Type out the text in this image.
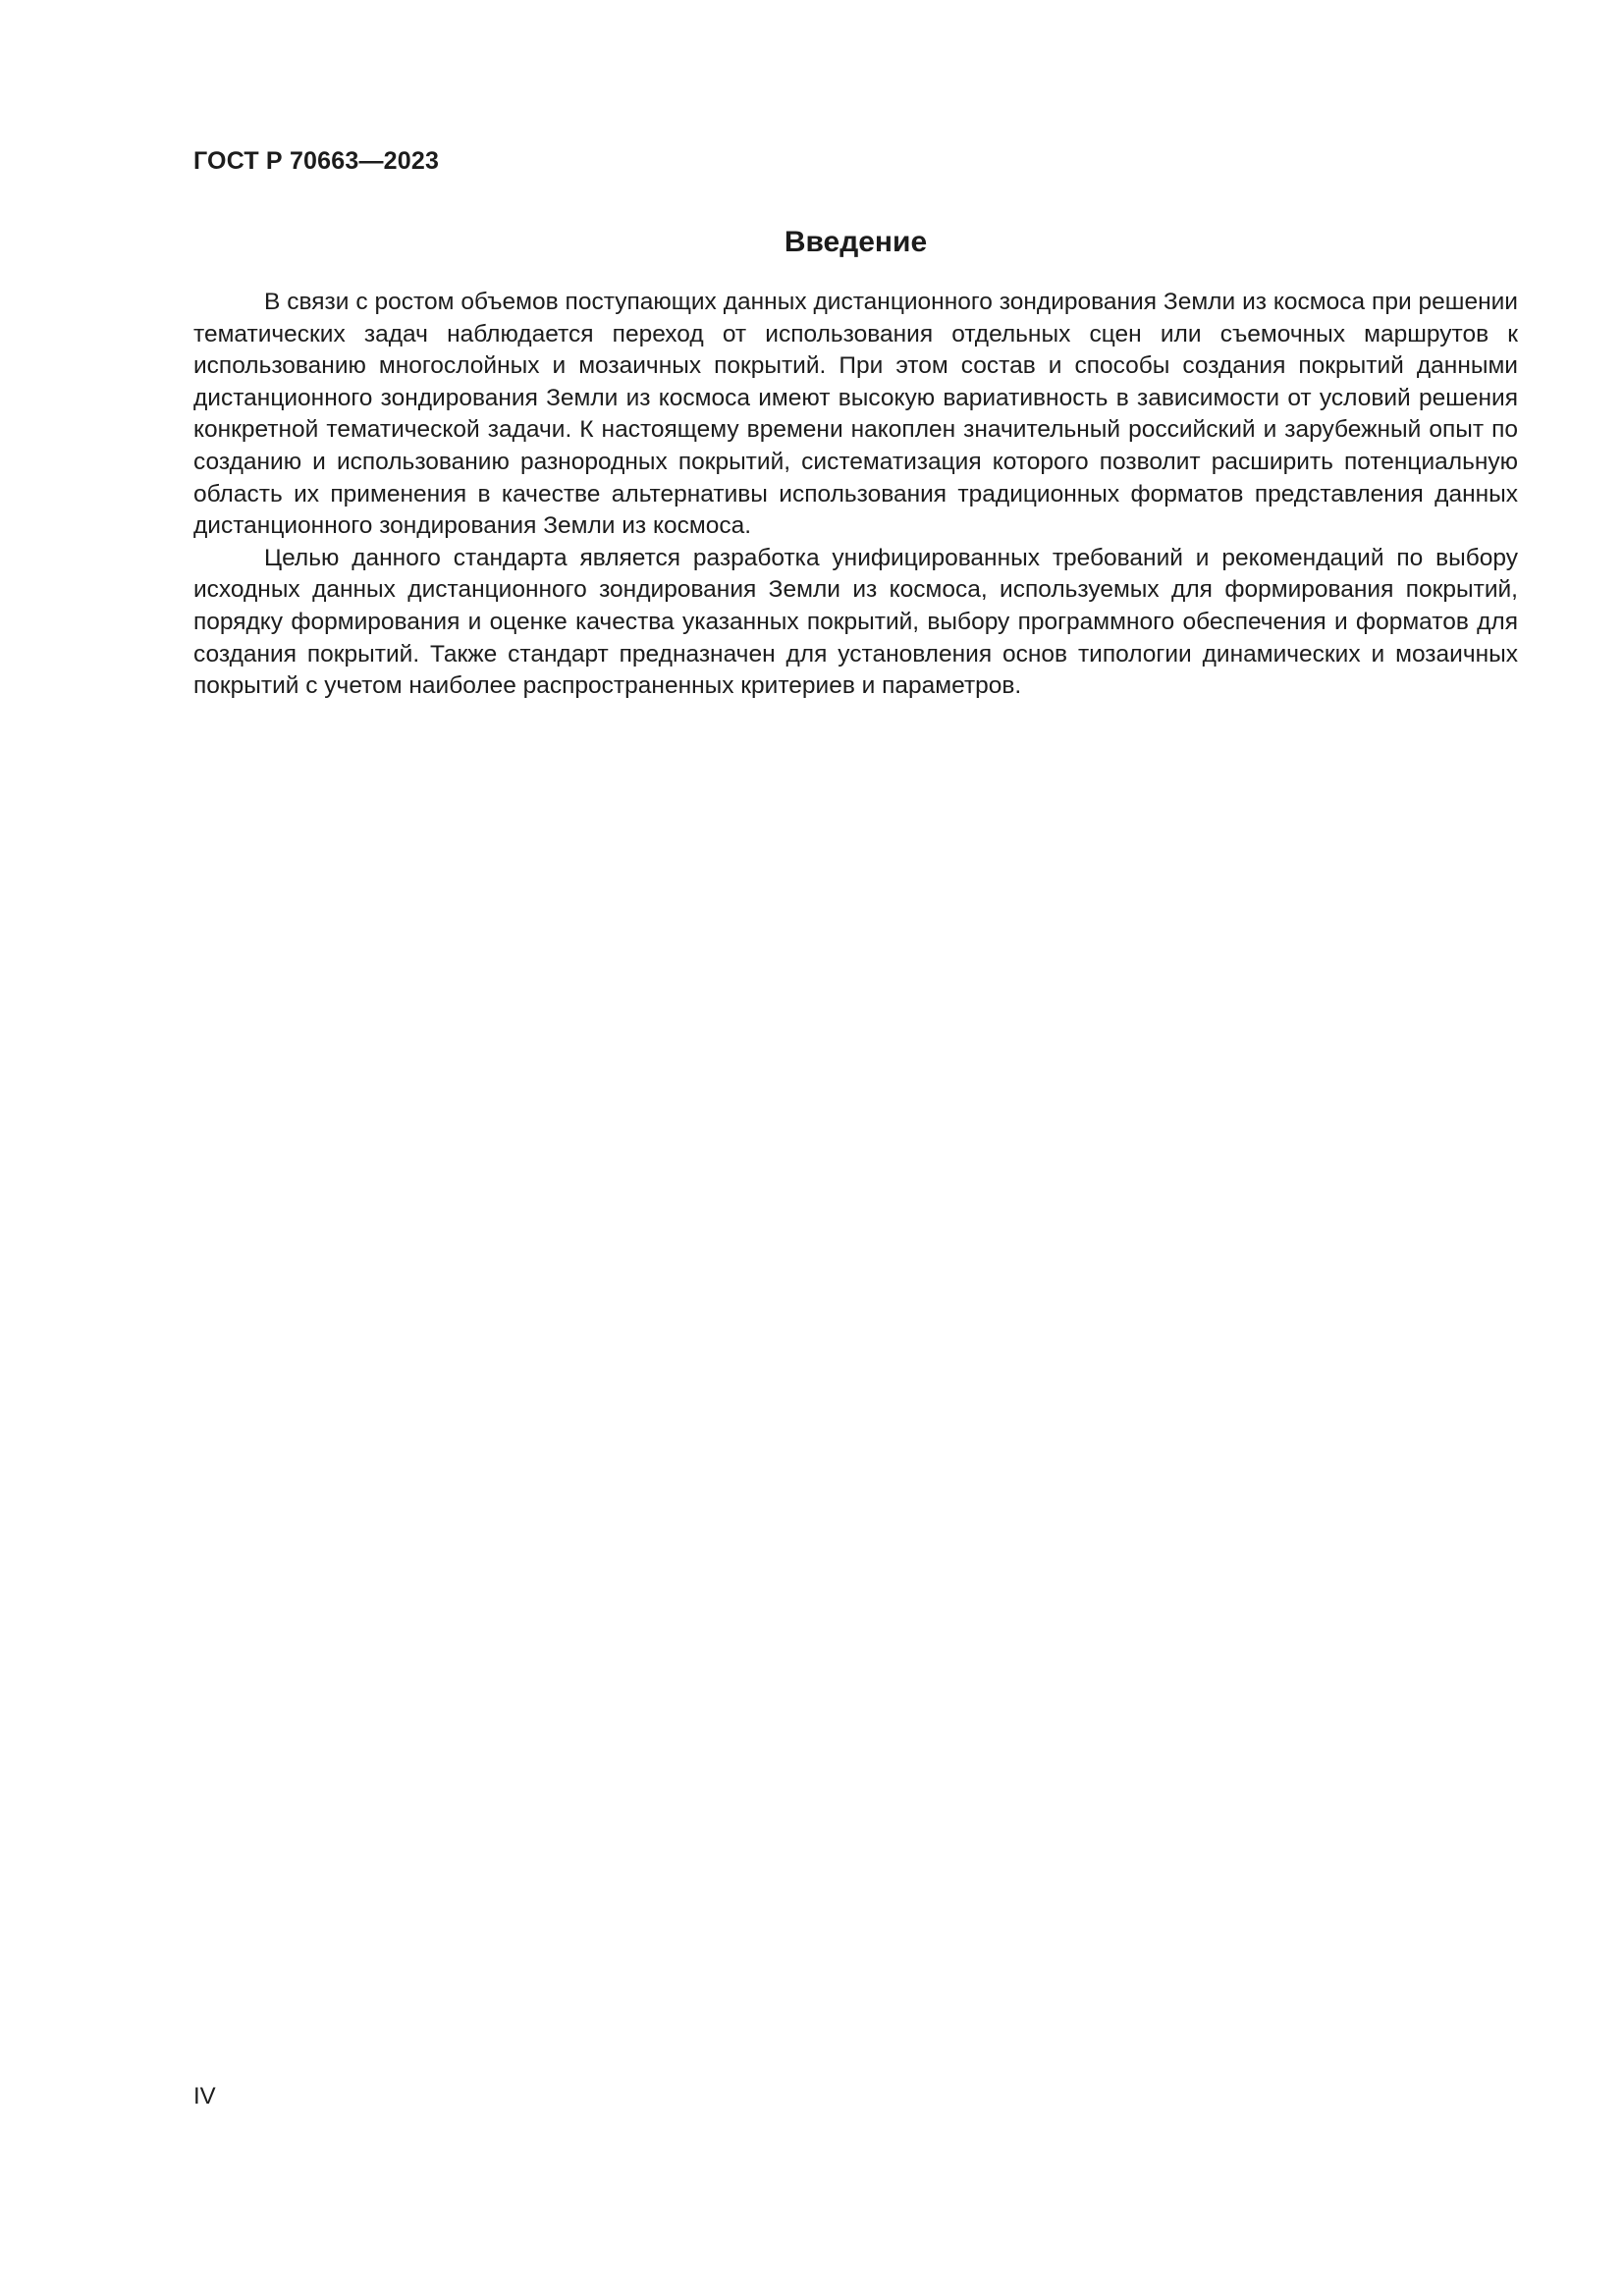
ГОСТ Р 70663—2023
Введение

В связи с ростом объемов поступающих данных дистанционного зондирования Земли из космоса при решении тематических задач наблюдается переход от использования отдельных сцен или съемочных маршрутов к использованию многослойных и мозаичных покрытий. При этом состав и способы создания покрытий данными дистанционного зондирования Земли из космоса имеют высокую вариативность в зависимости от условий решения конкретной тематической задачи. К настоящему времени накоплен значительный российский и зарубежный опыт по созданию и использованию разнородных покрытий, систематизация которого позволит расширить потенциальную область их применения в качестве альтернативы использования традиционных форматов представления данных дистанционного зондирования Земли из космоса.

Целью данного стандарта является разработка унифицированных требований и рекомендаций по выбору исходных данных дистанционного зондирования Земли из космоса, используемых для формирования покрытий, порядку формирования и оценке качества указанных покрытий, выбору программного обеспечения и форматов для создания покрытий. Также стандарт предназначен для установления основ типологии динамических и мозаичных покрытий с учетом наиболее распространенных критериев и параметров.

IV
